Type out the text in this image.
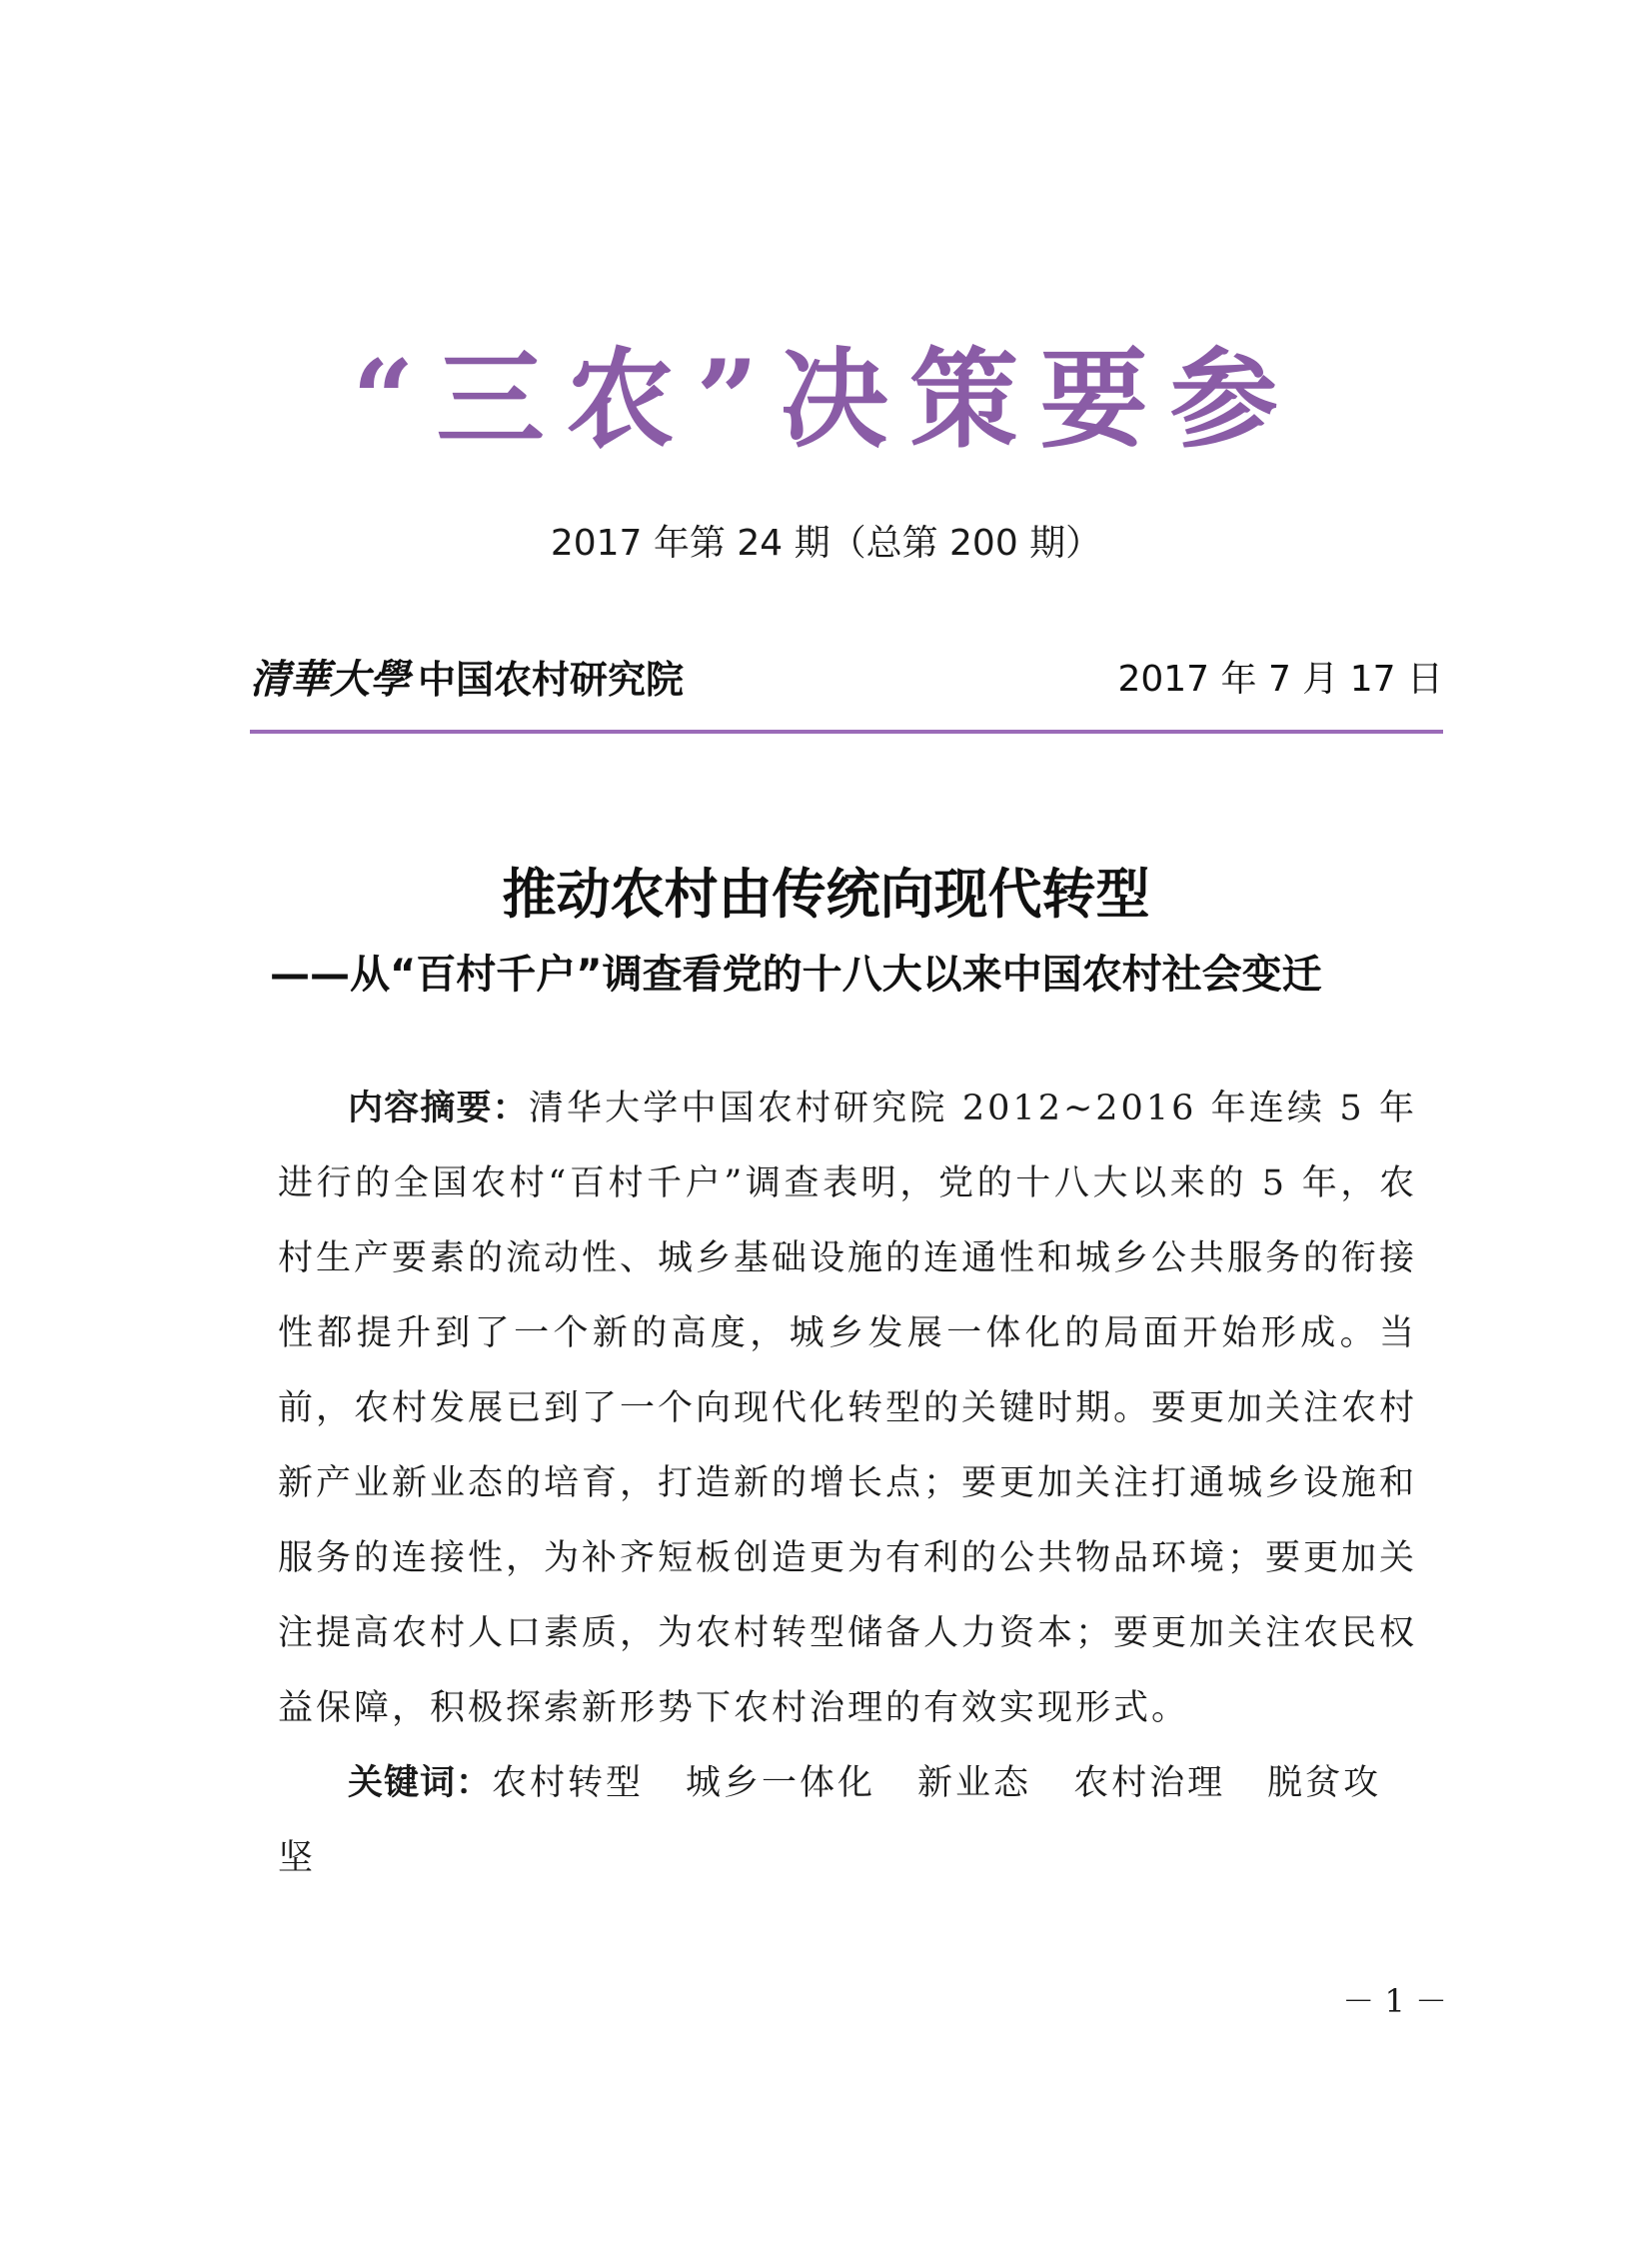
“三农”决策要参
2017 年第 24 期（总第 200 期）
清華大學 中国农村研究院	2017 年 7 月 17 日
推动农村由传统向现代转型
——从“百村千户”调查看党的十八大以来中国农村社会变迁

内容摘要：清华大学中国农村研究院 2012~2016 年连续 5 年进行的全国农村“百村千户”调查表明，党的十八大以来的 5 年，农村生产要素的流动性、城乡基础设施的连通性和城乡公共服务的衔接性都提升到了一个新的高度，城乡发展一体化的局面开始形成。当前，农村发展已到了一个向现代化转型的关键时期。要更加关注农村新产业新业态的培育，打造新的增长点；要更加关注打通城乡设施和服务的连接性，为补齐短板创造更为有利的公共物品环境；要更加关注提高农村人口素质，为农村转型储备人力资本；要更加关注农民权益保障，积极探索新形势下农村治理的有效实现形式。

关键词：农村转型 城乡一体化 新业态 农村治理 脱贫攻坚

－ 1 －
